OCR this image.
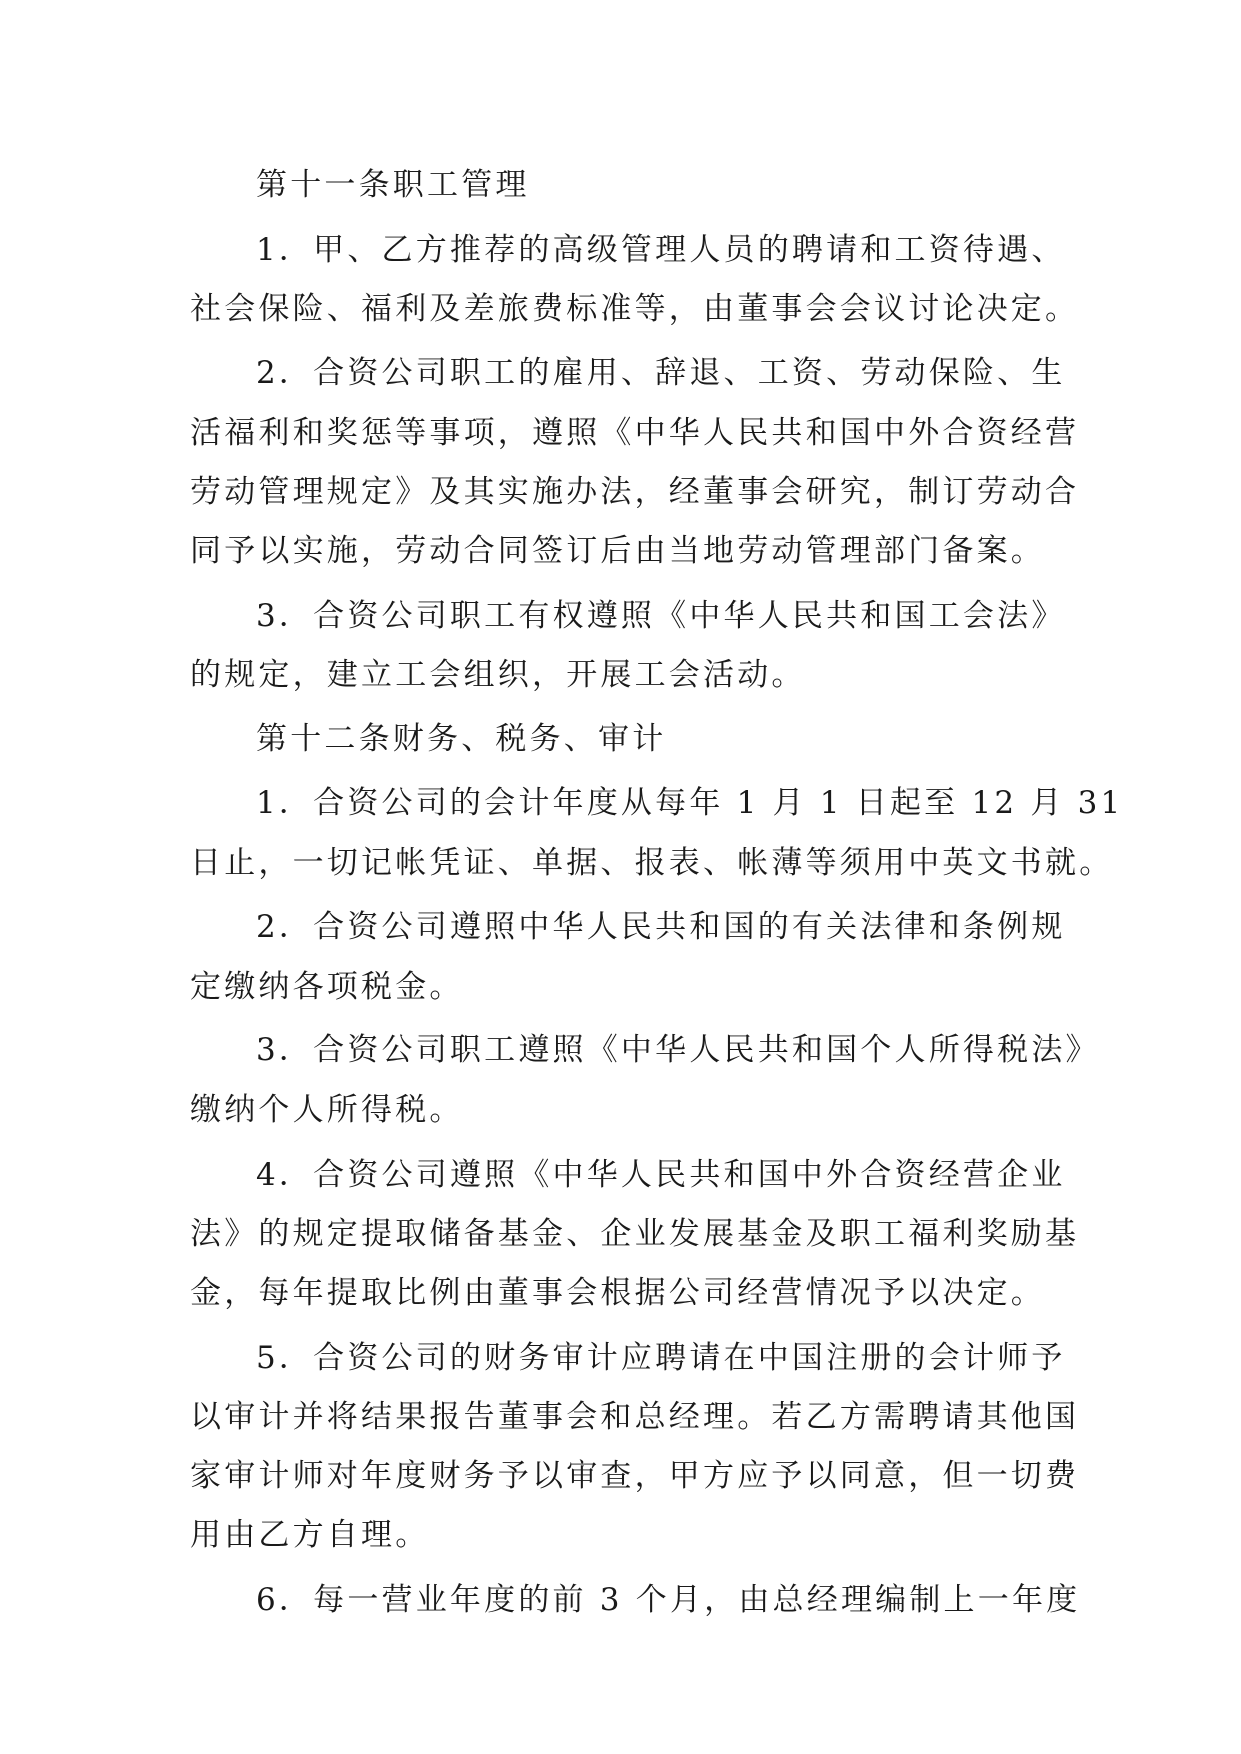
第十一条职工管理

1．甲、乙方推荐的高级管理人员的聘请和工资待遇、

社会保险、福利及差旅费标准等，由董事会会议讨论决定。

2．合资公司职工的雇用、辞退、工资、劳动保险、生

活福利和奖惩等事项，遵照《中华人民共和国中外合资经营

劳动管理规定》及其实施办法，经董事会研究，制订劳动合

同予以实施，劳动合同签订后由当地劳动管理部门备案。

3．合资公司职工有权遵照《中华人民共和国工会法》

的规定，建立工会组织，开展工会活动。

第十二条财务、税务、审计

1．合资公司的会计年度从每年 1 月 1 日起至 12 月 31

日止，一切记帐凭证、单据、报表、帐薄等须用中英文书就。

2．合资公司遵照中华人民共和国的有关法律和条例规

定缴纳各项税金。

3．合资公司职工遵照《中华人民共和国个人所得税法》

缴纳个人所得税。

4．合资公司遵照《中华人民共和国中外合资经营企业

法》的规定提取储备基金、企业发展基金及职工福利奖励基

金，每年提取比例由董事会根据公司经营情况予以决定。

5．合资公司的财务审计应聘请在中国注册的会计师予

以审计并将结果报告董事会和总经理。若乙方需聘请其他国

家审计师对年度财务予以审查，甲方应予以同意，但一切费

用由乙方自理。

6．每一营业年度的前 3 个月，由总经理编制上一年度
